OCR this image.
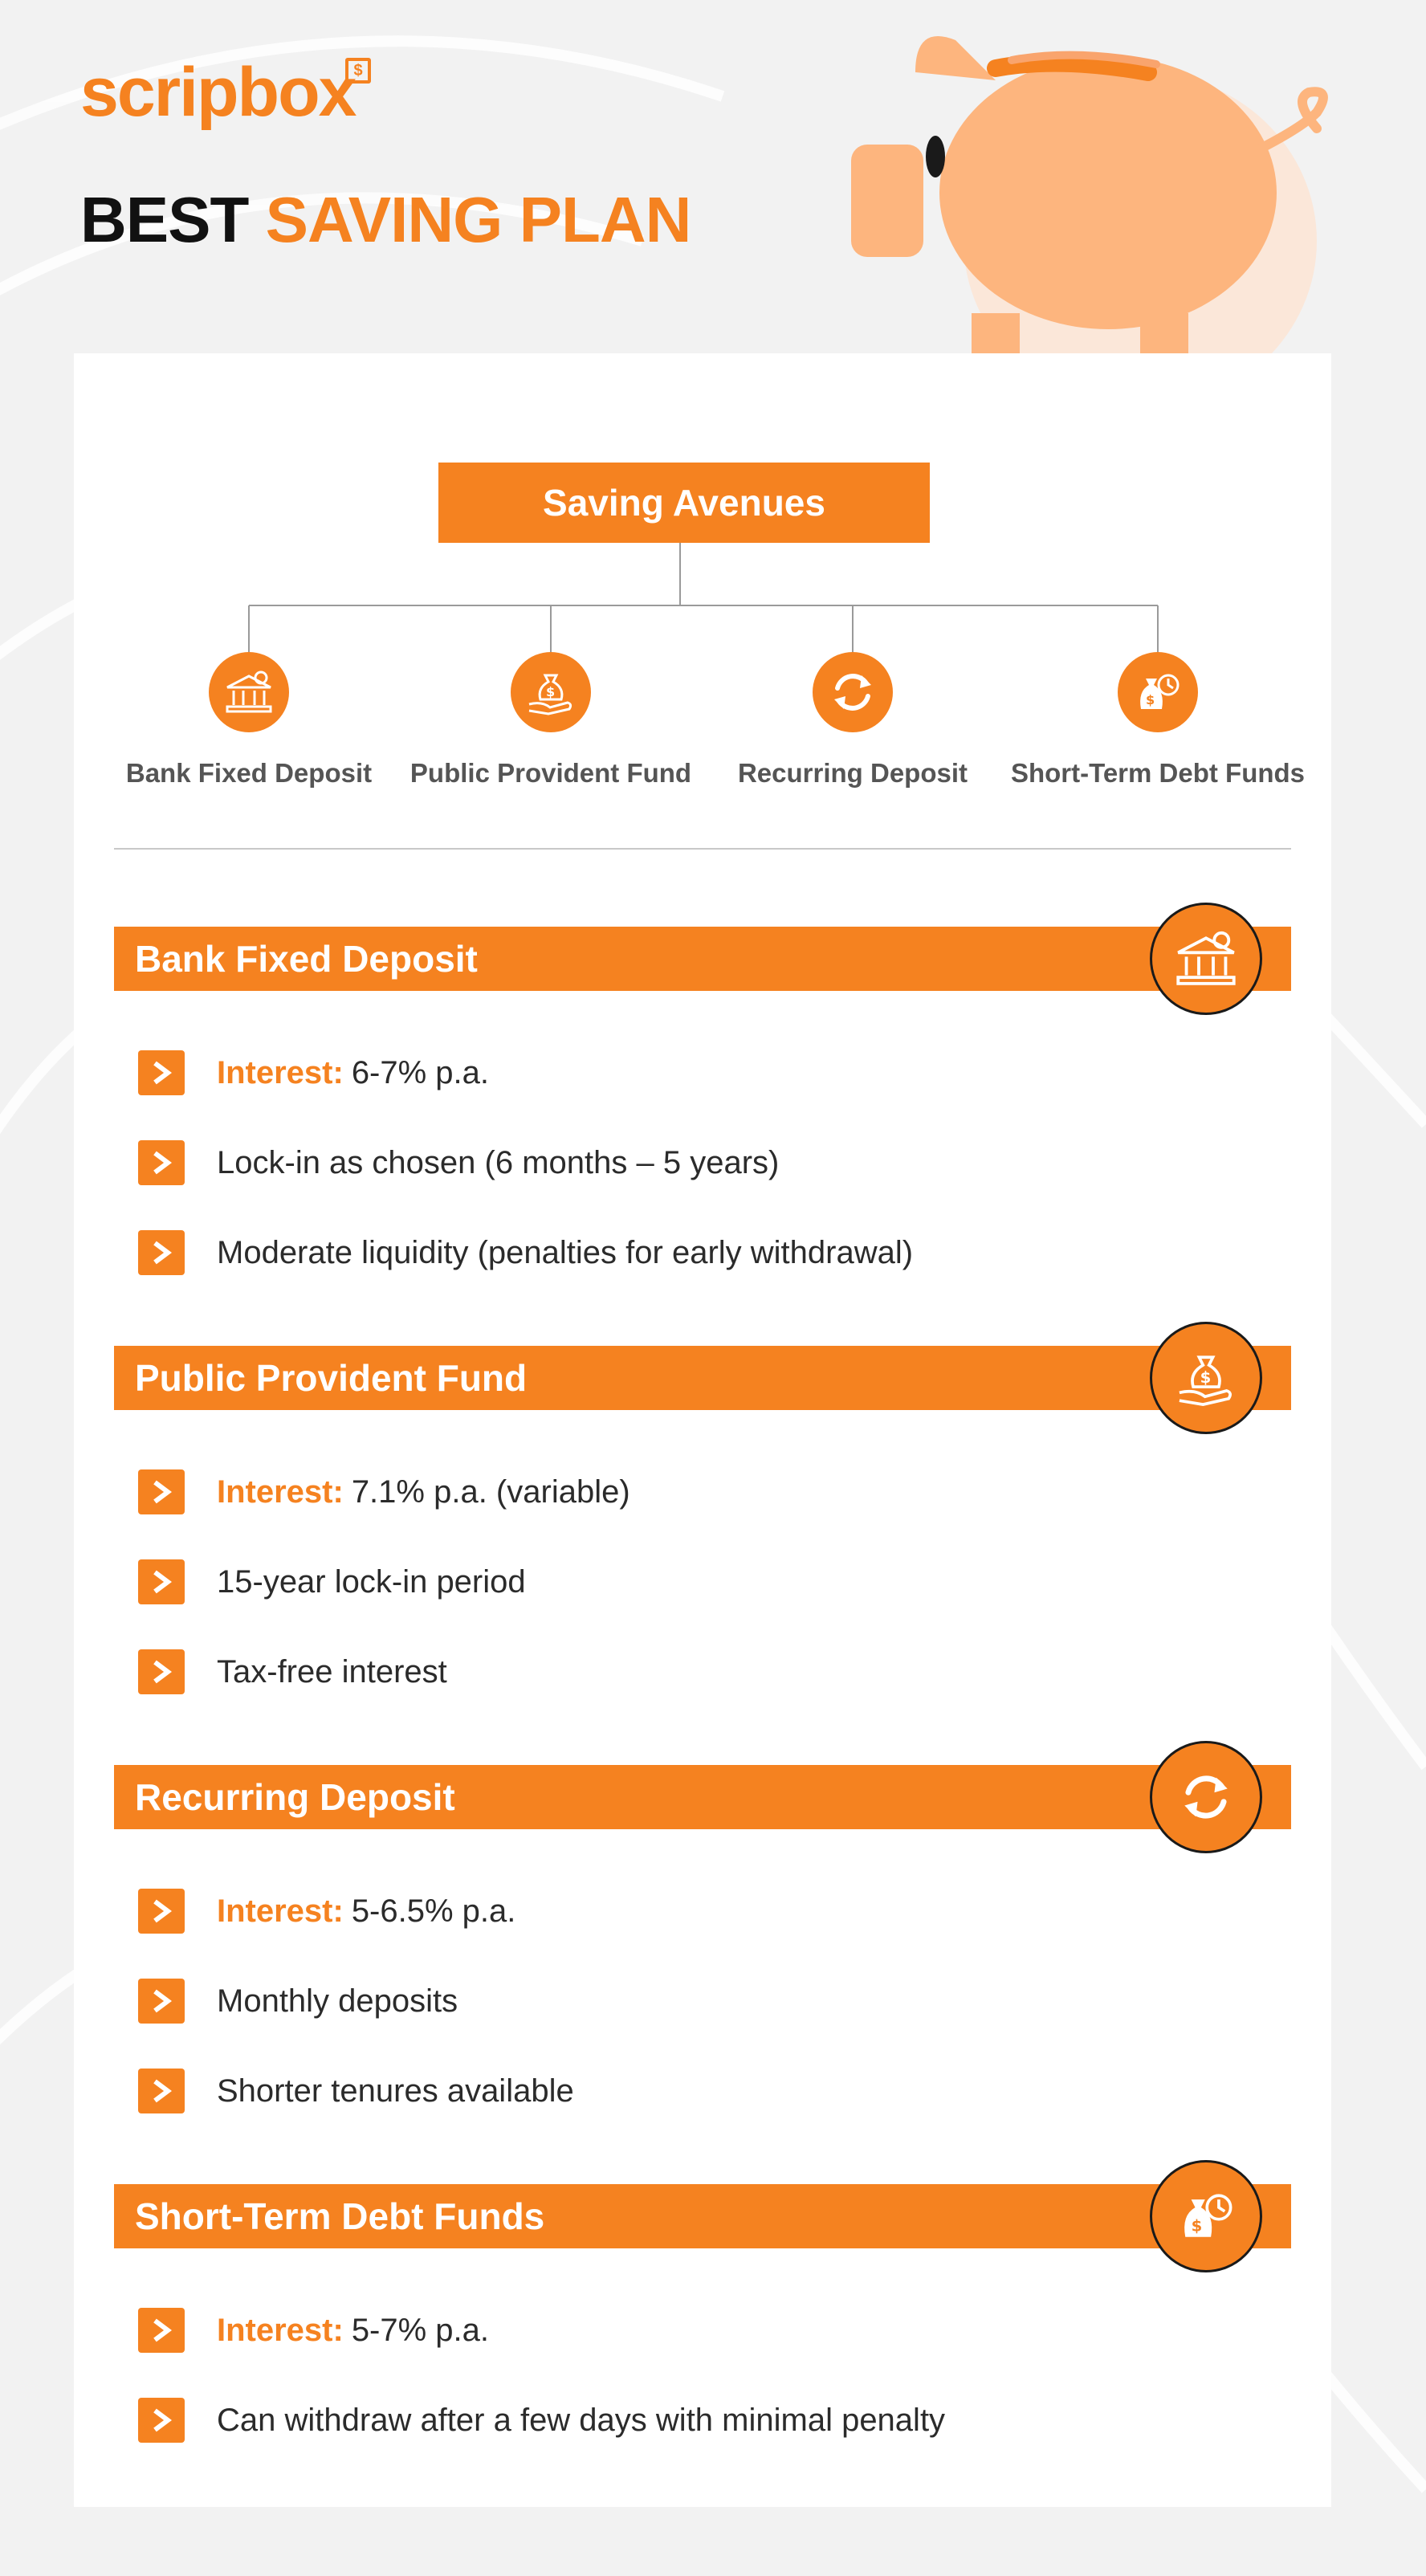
scripbox
$
BEST SAVING PLAN
Saving Avenues
Bank Fixed Deposit
$
Public Provident Fund	Recurring Deposit
$
Short-Term Debt Funds
Bank Fixed Deposit
Interest: 6-7% p.a.
Lock-in as chosen (6 months – 5 years)
Moderate liquidity (penalties for early withdrawal)
Public Provident Fund	$
Interest: 7.1% p.a. (variable)
15-year lock-in period
Tax-free interest
Recurring Deposit
Interest: 5-6.5% p.a.
Monthly deposits
Shorter tenures available
Short-Term Debt Funds	$
Interest: 5-7% p.a.
Can withdraw after a few days with minimal penalty
